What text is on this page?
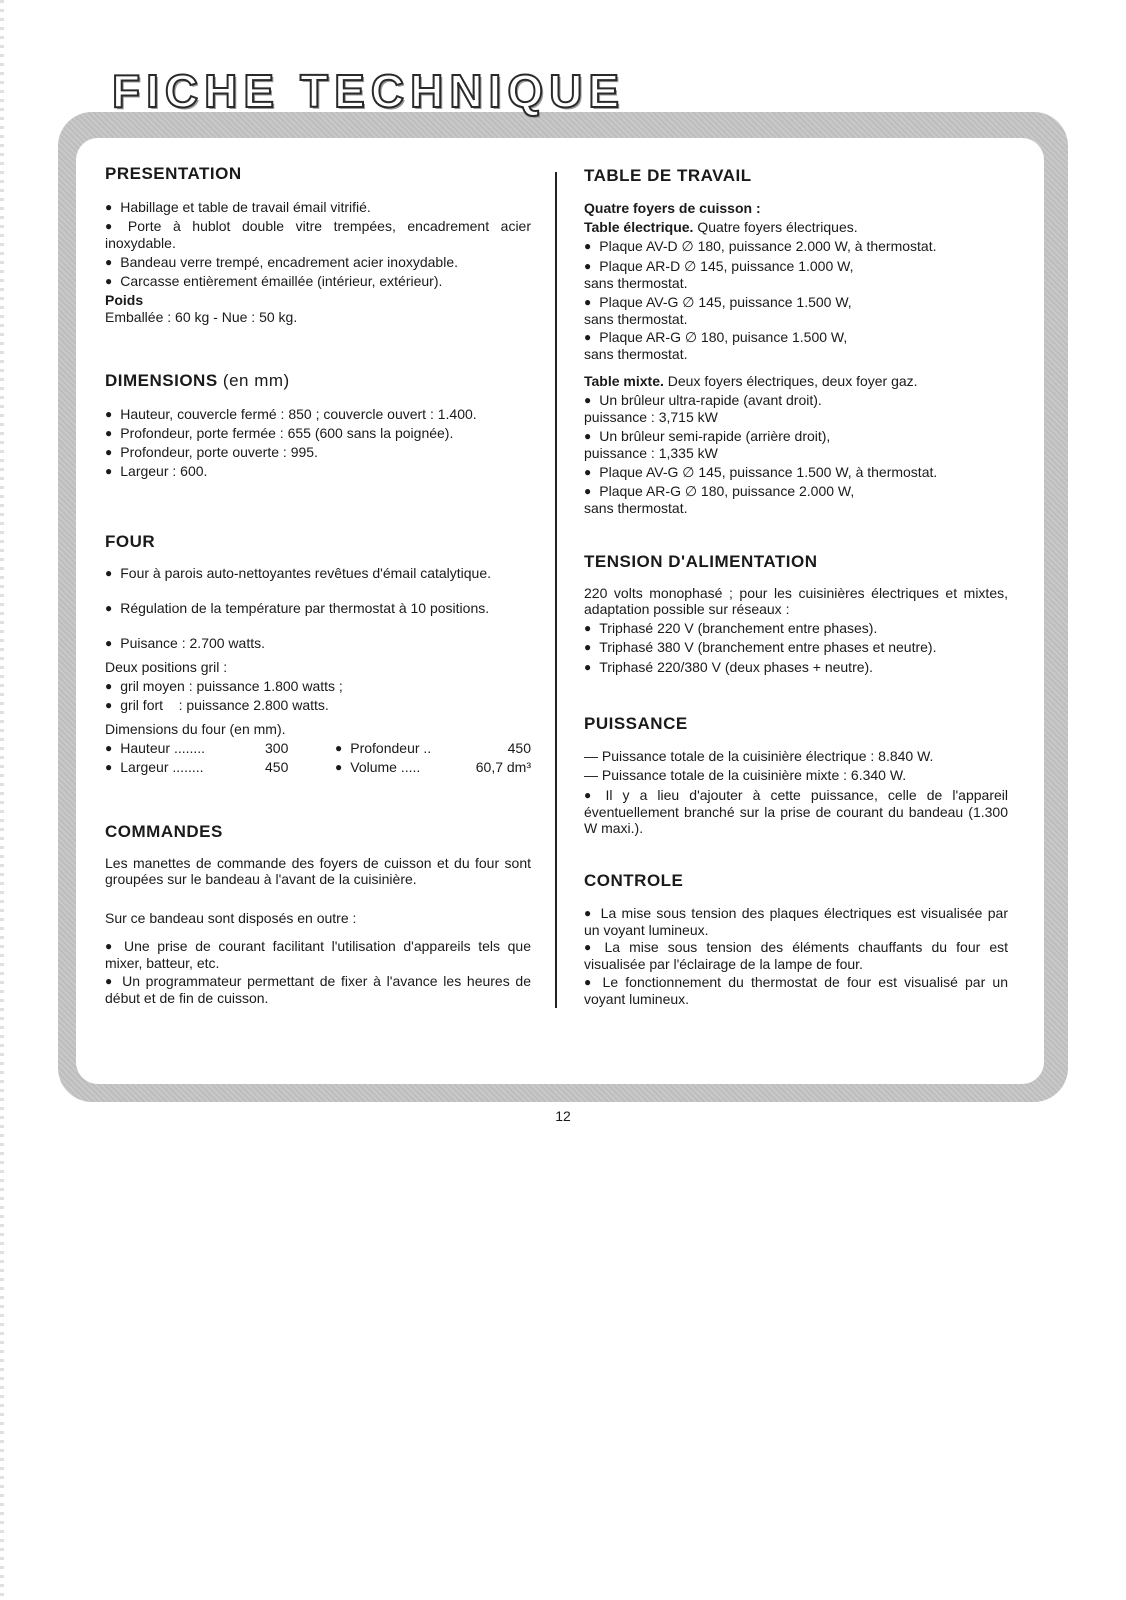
F I C H E T E C H N I Q U E
PRESENTATION

● Habillage et table de travail émail vitrifié.

● Porte à hublot double vitre trempées, encadrement acier inoxydable.

● Bandeau verre trempé, encadrement acier inoxydable.

● Carcasse entièrement émaillée (intérieur, extérieur).

Poids

Emballée : 60 kg - Nue : 50 kg.

DIMENSIONS (en mm)

● Hauteur, couvercle fermé : 850 ; couvercle ouvert : 1.400.

● Profondeur, porte fermée : 655 (600 sans la poignée).

● Profondeur, porte ouverte : 995.

● Largeur : 600.

FOUR

● Four à parois auto-nettoyantes revêtues d'émail catalytique.

● Régulation de la température par thermostat à 10 positions.

● Puisance : 2.700 watts.

Deux positions gril :

● gril moyen : puissance 1.800 watts ;

● gril fort    : puissance 2.800 watts.

Dimensions du four (en mm).

● Hauteur ........	300	● Profondeur ..	450
● Largeur ........	450	● Volume .....	60,7 dm³
COMMANDES

Les manettes de commande des foyers de cuisson et du four sont groupées sur le bandeau à l'avant de la cuisinière.

Sur ce bandeau sont disposés en outre :

● Une prise de courant facilitant l'utilisation d'appareils tels que mixer, batteur, etc.

● Un programmateur permettant de fixer à l'avance les heures de début et de fin de cuisson.

TABLE DE TRAVAIL

Quatre foyers de cuisson :

Table électrique. Quatre foyers électriques.

● Plaque AV-D ∅ 180, puissance 2.000 W, à thermostat.

● Plaque AR-D ∅ 145, puissance 1.000 W,
sans thermostat.

● Plaque AV-G ∅ 145, puissance 1.500 W,
sans thermostat.

● Plaque AR-G ∅ 180, puisance 1.500 W,
sans thermostat.

Table mixte. Deux foyers électriques, deux foyer gaz.

● Un brûleur ultra-rapide (avant droit).
puissance : 3,715 kW

● Un brûleur semi-rapide (arrière droit),
puissance : 1,335 kW

● Plaque AV-G ∅ 145, puissance 1.500 W, à thermostat.

● Plaque AR-G ∅ 180, puissance 2.000 W,
sans thermostat.

TENSION D'ALIMENTATION

220 volts monophasé ; pour les cuisinières électriques et mixtes, adaptation possible sur réseaux :

● Triphasé 220 V (branchement entre phases).

● Triphasé 380 V (branchement entre phases et neutre).

● Triphasé 220/380 V (deux phases + neutre).

PUISSANCE

— Puissance totale de la cuisinière électrique : 8.840 W.

— Puissance totale de la cuisinière mixte : 6.340 W.

● Il y a lieu d'ajouter à cette puissance, celle de l'appareil éventuellement branché sur la prise de courant du bandeau (1.300 W maxi.).

CONTROLE

● La mise sous tension des plaques électriques est visualisée par un voyant lumineux.

● La mise sous tension des éléments chauffants du four est visualisée par l'éclairage de la lampe de four.

● Le fonctionnement du thermostat de four est visualisé par un voyant lumineux.

12
